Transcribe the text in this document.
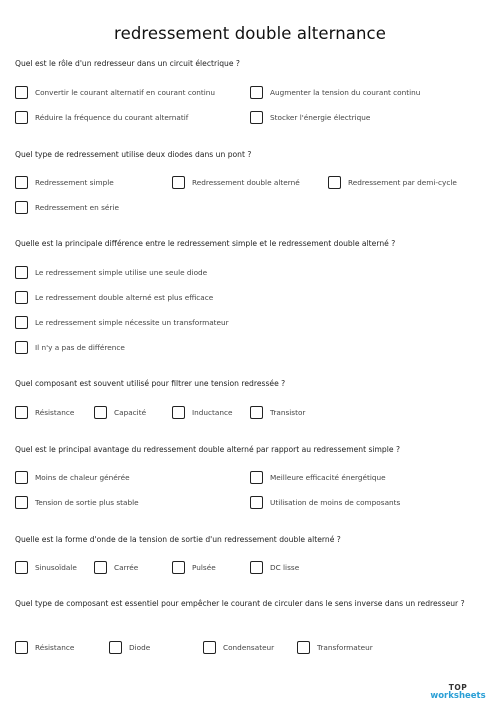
redressement double alternance
Quel est le rôle d'un redresseur dans un circuit électrique ?
Convertir le courant alternatif en courant continu	Augmenter la tension du courant continu
Réduire la fréquence du courant alternatif	Stocker l'énergie électrique
Quel type de redressement utilise deux diodes dans un pont ?
Redressement simple	Redressement double alterné	Redressement par demi-cycle
Redressement en série
Quelle est la principale différence entre le redressement simple et le redressement double alterné ?
Le redressement simple utilise une seule diode
Le redressement double alterné est plus efficace
Le redressement simple nécessite un transformateur
Il n'y a pas de différence
Quel composant est souvent utilisé pour filtrer une tension redressée ?
Résistance	Capacité	Inductance	Transistor
Quel est le principal avantage du redressement double alterné par rapport au redressement simple ?
Moins de chaleur générée	Meilleure efficacité énergétique
Tension de sortie plus stable	Utilisation de moins de composants
Quelle est la forme d'onde de la tension de sortie d'un redressement double alterné ?
Sinusoïdale	Carrée	Pulsée	DC lisse
Quel type de composant est essentiel pour empêcher le courant de circuler dans le sens inverse dans un redresseur ?
Résistance	Diode	Condensateur	Transformateur
TOP
worksheets
